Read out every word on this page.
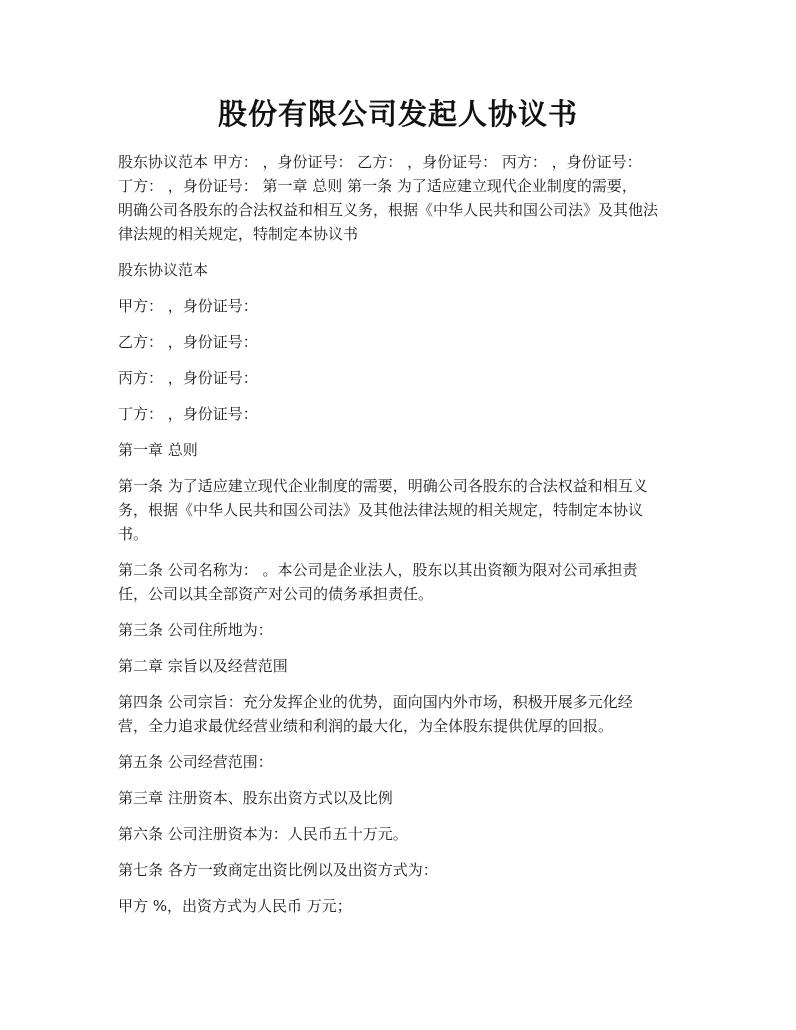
股份有限公司发起人协议书
股东协议范本 甲方： ，身份证号： 乙方： ，身份证号： 丙方： ，身份证号：
丁方： ，身份证号： 第一章 总则 第一条 为了适应建立现代企业制度的需要，
明确公司各股东的合法权益和相互义务，根据《中华人民共和国公司法》及其他法
律法规的相关规定，特制定本协议书
股东协议范本
甲方： ，身份证号：
乙方： ，身份证号：
丙方： ，身份证号：
丁方： ，身份证号：
第一章 总则
第一条 为了适应建立现代企业制度的需要，明确公司各股东的合法权益和相互义
务，根据《中华人民共和国公司法》及其他法律法规的相关规定，特制定本协议
书。
第二条 公司名称为： 。本公司是企业法人，股东以其出资额为限对公司承担责
任，公司以其全部资产对公司的债务承担责任。
第三条 公司住所地为：
第二章 宗旨以及经营范围
第四条 公司宗旨：充分发挥企业的优势，面向国内外市场，积极开展多元化经
营，全力追求最优经营业绩和利润的最大化，为全体股东提供优厚的回报。
第五条 公司经营范围：
第三章 注册资本、股东出资方式以及比例
第六条 公司注册资本为：人民币五十万元。
第七条 各方一致商定出资比例以及出资方式为：
甲方 %，出资方式为人民币 万元；
